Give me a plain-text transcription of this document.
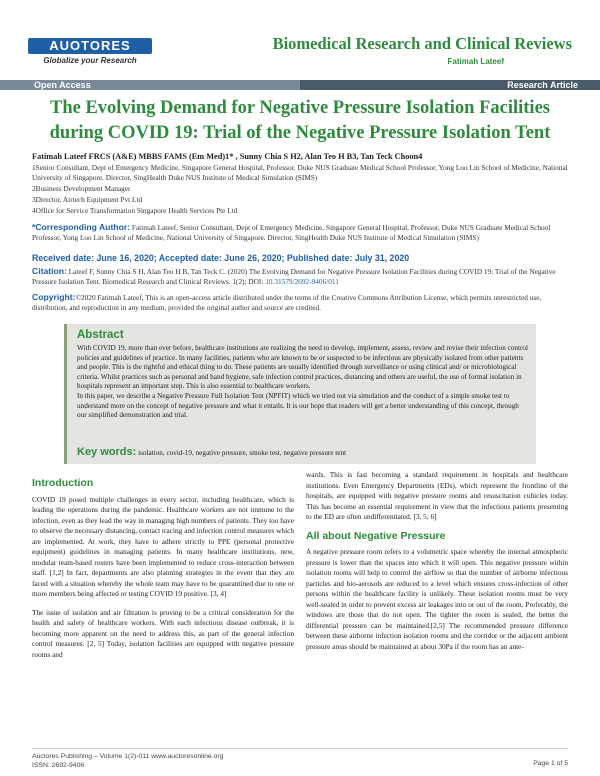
AUOTORES
Globalize your Research
Biomedical Research and Clinical Reviews
Fatimah Lateef
Open Access	Research Article
The Evolving Demand for Negative Pressure Isolation Facilities during COVID 19: Trial of the Negative Pressure Isolation Tent
Fatimah Lateef FRCS (A&E) MBBS FAMS (Em Med)1* , Sunny Chia S H2, Alan Teo H B3, Tan Teck Choon4
1Senior Consultant, Dept of Emergency Medicine, Singapore General Hospital, Professor, Duke NUS Graduate Medical School Professor, Yong Loo Lin School of Medicine, National University of Singapore. Director, SingHealth Duke NUS Institute of Medical Simulation (SIMS)
2Business Development Manager
3Director, Airtech Equipment Pvt Ltd
4Office for Service Transformation Singapore Health Services Pte Ltd
*Corresponding Author: Fatimah Lateef, Senior Consultant, Dept of Emergency Medicine, Singapore General Hospital, Professor, Duke NUS Graduate Medical School Professor, Yong Loo Lin School of Medicine, National University of Singapore. Director, SingHealth Duke NUS Institute of Medical Simulation (SIMS)
Received date: June 16, 2020; Accepted date: June 26, 2020; Published date: July 31, 2020
Citation: Lateef F, Sunny Chia S H, Alan Teo H B, Tan Teck C. (2020) The Evolving Demand for Negative Pressure Isolation Facilities during COVID 19: Trial of the Negative Pressure Isolation Tent. Biomedical Research and Clinical Reviews. 1(2); DOI: 10.31579/2692-9406/011
Copyright:©2020 Fatimah Lateef, This is an open-access article distributed under the terms of the Creative Commons Attribution License, which permits unrestricted use, distribution, and reproduction in any medium, provided the original author and source are credited.
Abstract

With COVID 19, more than ever before, healthcare institutions are realizing the need to develop, implement, assess, review and revise their infection control policies and guidelines of practice. In many facilities, patients who are known to be or suspected to be infectious are physically isolated from other patients and people. This is the rightful and ethical thing to do. These patients are usually identified through surveillance or using clinical and/ or microbiological criteria. Whilst practices such as personal and hand hygiene, safe infection control practices, distancing and others are useful, the use of formal isolation in hospitals represent an important step. This is also essential to healthcare workers.

In this paper, we describe a Negative Pressure Full Isolation Tent (NPFIT) which we tried out via simulation and the conduct of a simple smoke test to understand more on the concept of negative pressure and what it entails. It is our hope that readers will get a better understanding of this concept, through our simplified demonstration and trial.

Key words: isolation, covid-19, negative pressure, smoke test, negative pressure tent
Introduction

COVID 19 posed multiple challenges in every sector, including healthcare, which is leading the operations during the pandemic. Healthcare workers are not immune to the infection, even as they lead the way in managing high numbers of patients. They too have to observe the necessary distancing, contact tracing and infection control measures which are implemented. At work, they have to adhere strictly to PPE (personal protective equipment) guidelines in managing patients. In many healthcare institutions, new, modular team-based rosters have been implemented to reduce cross-interaction between staff. [1,2] In fact, departments are also planning strategies in the event that they are faced with a situation whereby the whole team may have to be quarantined due to one or more members being affected or testing COVID 19 positive. [3, 4]

The issue of isolation and air filtration is proving to be a critical consideration for the health and safety of healthcare workers. With each infectious disease outbreak, it is becoming more apparent on the need to address this, as part of the general infection control measures. [2, 5] Today, isolation facilities are equipped with negative pressure rooms and

wards. This is fast becoming a standard requirement in hospitals and healthcare institutions. Even Emergency Departments (EDs), which represent the frontline of the hospitals, are equipped with negative pressure rooms and resuscitation cubicles today. This has become an essential requirement in view that the infectious patients presenting to the ED are often undifferentiated. [3, 5, 6]

All about Negative Pressure

A negative pressure room refers to a volumetric space whereby the internal atmospheric pressure is lower than the spaces into which it will open. This negative pressure within isolation rooms will help to control the airflow so that the number of airborne infectious particles and bio-aerosols are reduced to a level which ensures cross-infection of other persons within the healthcare facility is unlikely. These isolation rooms must be very well-sealed in order to prevent excess air leakages into or out of the room. Preferably, the windows are those that do not open. The tighter the room is sealed, the better the differential pressure can be maintained.[2,5] The recommended pressure difference between these airborne infection isolation rooms and the corridor or the adjacent ambient pressure areas should be maintained at about 30Pa if the room has an ante-

Auctores Publishing – Volume 1(2)-011 www.auctoresonline.org
ISSN: 2692-9406	Page 1 of 5
